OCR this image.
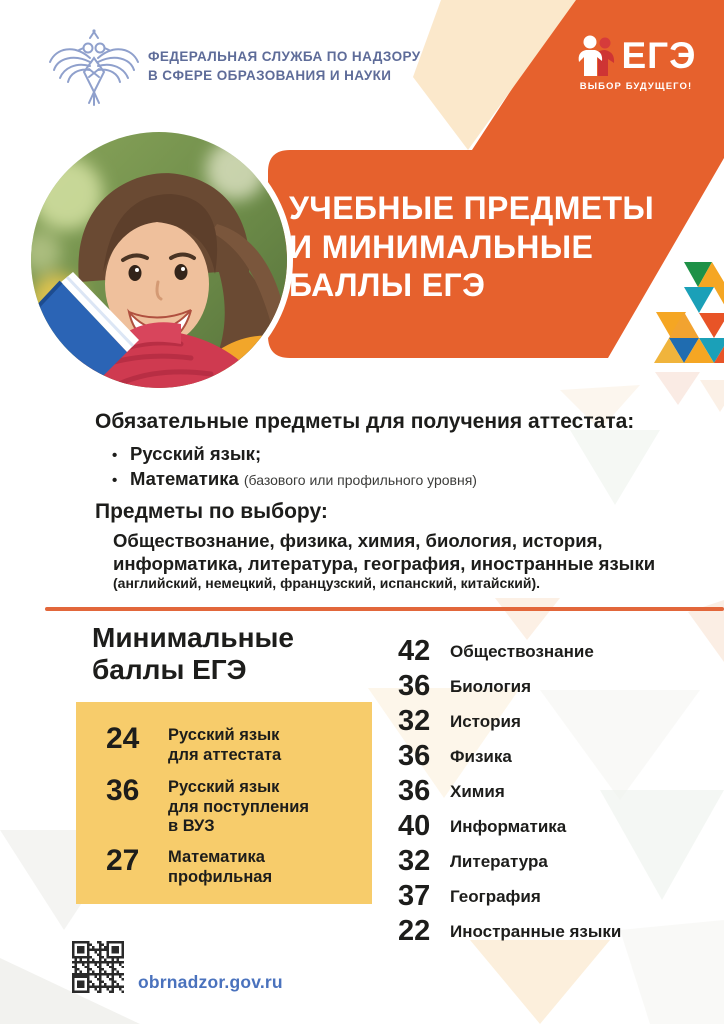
ФЕДЕРАЛЬНАЯ СЛУЖБА ПО НАДЗОРУ
В СФЕРЕ ОБРАЗОВАНИЯ И НАУКИ	ЕГЭ
ВЫБОР БУДУЩЕГО!
УЧЕБНЫЕ ПРЕДМЕТЫ
И МИНИМАЛЬНЫЕ
БАЛЛЫ ЕГЭ
Обязательные предметы для получения аттестата:
• Русский язык;
• Математика (базового или профильного уровня)
Предметы по выбору:
Обществознание, физика, химия, биология, история,
информатика, литература, география, иностранные языки
(английский, немецкий, французский, испанский, китайский).
Минимальные
баллы ЕГЭ
24	Русский язык
для аттестата
36	Русский язык
для поступления
в ВУЗ
27	Математика
профильная
42	Обществознание
36	Биология
32	История
36	Физика
36	Химия
40	Информатика
32	Литература
37	География
22	Иностранные языки
obrnadzor.gov.ru
